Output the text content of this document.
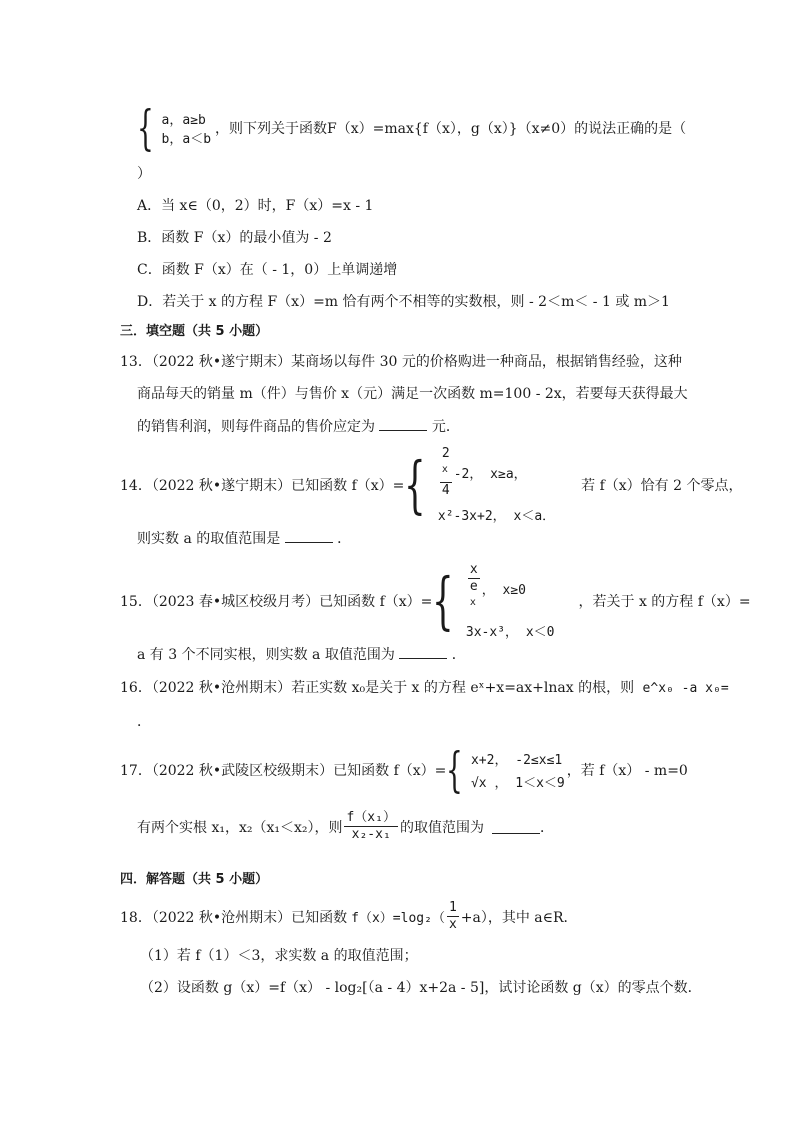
{ a，a≥b
b，a＜b
，则下列关于函数F（x）=max{f（x），g（x）}（x≠0）的说法正确的是（
）
A．当 x∈（0，2）时，F（x）=x - 1
B．函数 F（x）的最小值为 - 2
C．函数 F（x）在（ - 1，0）上单调递增
D．若关于 x 的方程 F（x）=m 恰有两个不相等的实数根，则 - 2＜m＜ - 1 或 m＞1
三．填空题（共 5 小题）
13．（2022 秋•遂宁期末）某商场以每件 30 元的价格购进一种商品，根据销售经验，这种
商品每天的销量 m（件）与售价 x（元）满足一次函数 m=100 - 2x，若要每天获得最大
的销售利润，则每件商品的售价应定为	元．
14．（2022 秋•遂宁期末）已知函数 f（x）= { 2
$^x$
4 -2， x≥a，
x²-3x+2， x＜a．
若 f（x）恰有 2 个零点，
则实数 a 的取值范围是	．
15．（2023 春•城区校级月考）已知函数 f（x）= { x
e
$^x$ ， x≥0
3x-x³， x＜0
，若关于 x 的方程 f（x）=
a 有 3 个不同实根，则实数 a 取值范围为	．
16．（2022 秋•沧州期末）若正实数 x₀是关于 x 的方程 eˣ+x=ax+lnax 的根，则 e^x₀ -a x₀=
．
17．（2022 秋•武陵区校级期末）已知函数 f（x）= { x+2， -2≤x≤1
√x ， 1＜x＜9
，若 f（x） - m=0
有两个实根 x₁，x₂（x₁＜x₂），则 $\frac{\text{f（x₁）}}{\text{x₂-x₁}}$ 的取值范围为	．
四．解答题（共 5 小题）
18．（2022 秋•沧州期末）已知函数 $f(x)=\log_2( \frac{1}{x} +a)$，其中 a∈R．
（1）若 f（1）＜3，求实数 a 的取值范围；
（2）设函数 g（x）=f（x） - log₂[（a - 4）x+2a - 5]，试讨论函数 g（x）的零点个数．
